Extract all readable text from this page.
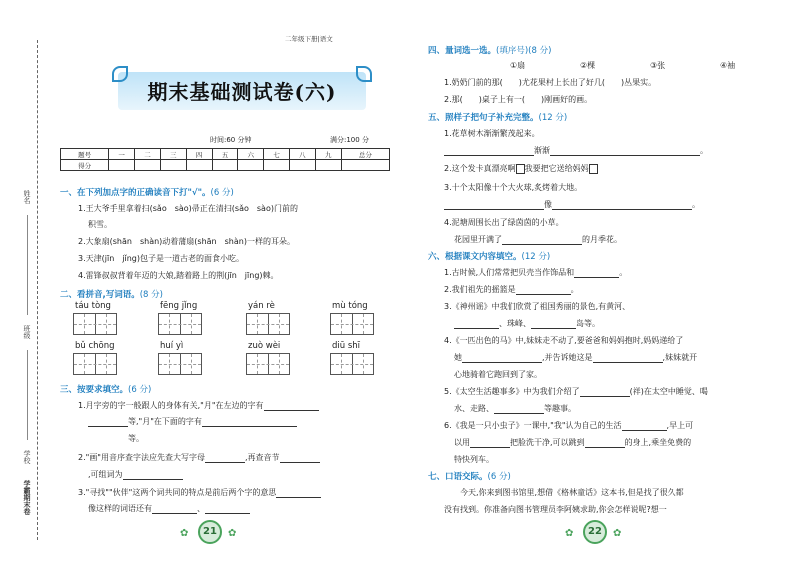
姓名
班级
学校
学霸期末卷
二年级下册|语文
期末基础测试卷(六)
时间:60 分钟	满分:100 分
题号	一	二	三	四	五	六	七	八	九	总分
得分										
一、在下列加点字的正确读音下打"√"。(6 分)
1.王大爷手里拿着扫(sǎo　sào)帚正在清扫(sǎo　sào)门前的
积雪。
2.大象扇(shān　shàn)动着蒲扇(shān　shàn)一样的耳朵。
3.天津(jīn　jǐng)包子是一道古老的面食小吃。
4.雷锋叔叔背着年迈的大娘,踏着路上的荆(jīn　jīng)棘。
二、看拼音,写词语。(8 分)
táu tòng	fēng jǐng	yán rè	mù tóng
bǔ chōng	huí yì	zuò wèi	diū shī
三、按要求填空。(6 分)
1.月字旁的字一般跟人的身体有关,"月"在左边的字有
等,"月"在下面的字有
等。
2."画"用音序查字法应先查大写字母	,再查音节
,可组词为
3."寻找""伙伴"这两个词共同的特点是前后两个字的意思
像这样的词语还有	、
✿	21	✿
四、量词选一选。(填序号)(8 分)
①扇	②棵	③张	④袖
1.奶奶门前的那(　　)尤花果村上长出了好几(　　)丛果实。
2.那(　　)桌子上有一(　　)刚画好的画。
五、照样子把句子补充完整。(12 分)
1.花草树木渐渐繁茂起来。
渐渐	。
2.这个发卡真漂亮啊 我要把它送给妈妈
3.十个太阳像十个大火球,炙烤着大地。
像	。
4.泥塘周围长出了绿茵茵的小草。
花园里开满了	的月季花。
六、根据课文内容填空。(12 分)
1.古时候,人们常常把贝壳当作饰品和	。
2.我们祖先的摇篮是	。
3.《神州谣》中我们欣赏了祖国秀丽的景色,有黄河、
、珠峰、	岛等。
4.《一匹出色的马》中,妹妹走不动了,要爸爸和妈妈抱时,妈妈递给了
她	,并告诉她这是	,妹妹就开
心地骑着它跑回到了家。
5.《太空生活趣事多》中为我们介绍了	(祥)在太空中睡觉、喝
水、走路、	等趣事。
6.《我是一只小虫子》一课中,"我"认为自己的生活	,早上可
以用	把脸洗干净,可以跳到	的身上,乘坐免费的
特快列车。
七、口语交际。(6 分)
今天,你来到图书馆里,想借《格林童话》这本书,但是找了很久都
没有找到。你准备向图书管理员李阿姨求助,你会怎样说呢?想一
✿	22	✿
